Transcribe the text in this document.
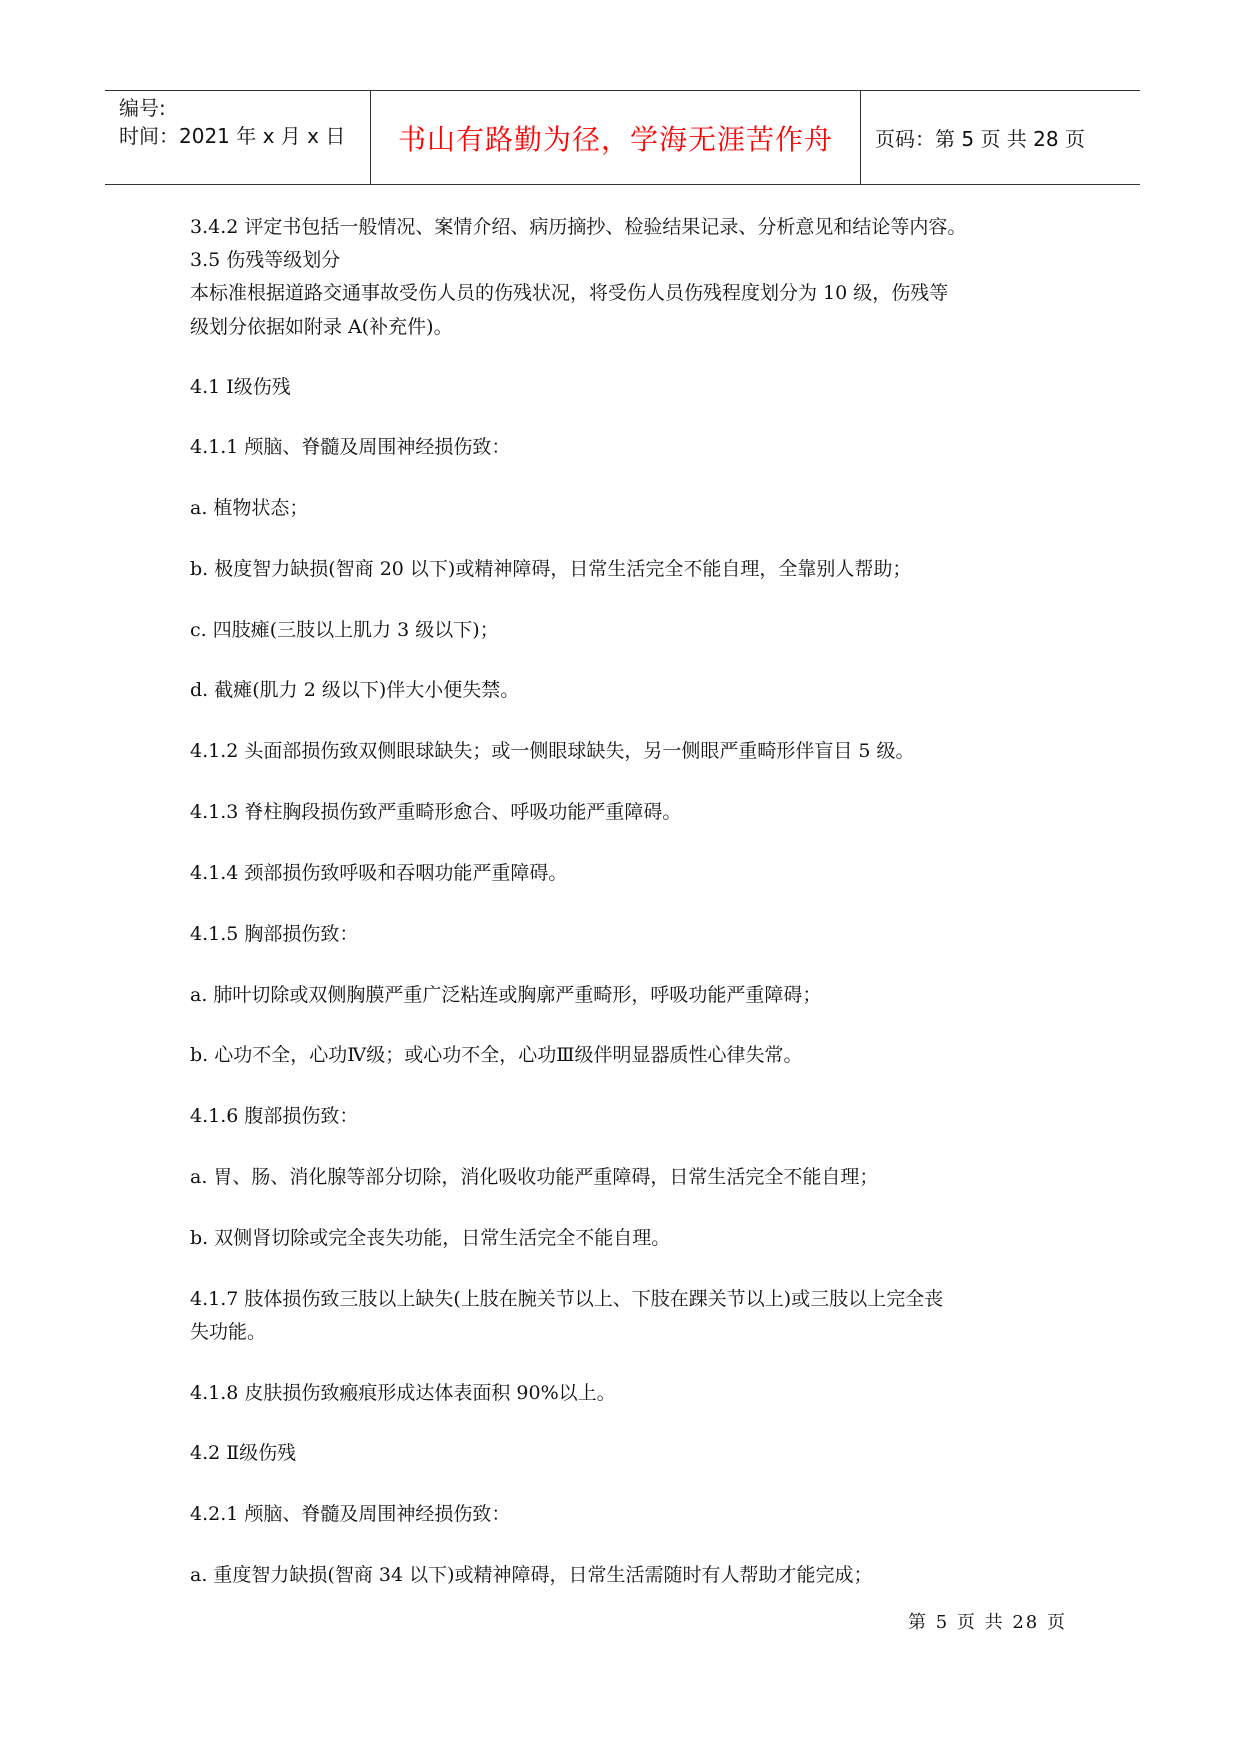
编号:
时间：2021 年 x 月 x 日	书山有路勤为径，学海无涯苦作舟	页码：第 5 页 共 28 页
3.4.2 评定书包括一般情况、案情介绍、病历摘抄、检验结果记录、分析意见和结论等内容。
3.5 伤残等级划分
本标准根据道路交通事故受伤人员的伤残状况，将受伤人员伤残程度划分为 10 级，伤残等
级划分依据如附录 A(补充件)。
4.1 Ⅰ级伤残
4.1.1 颅脑、脊髓及周围神经损伤致：
a. 植物状态；
b. 极度智力缺损(智商 20 以下)或精神障碍，日常生活完全不能自理，全靠别人帮助；
c. 四肢瘫(三肢以上肌力 3 级以下)；
d. 截瘫(肌力 2 级以下)伴大小便失禁。
4.1.2 头面部损伤致双侧眼球缺失；或一侧眼球缺失，另一侧眼严重畸形伴盲目 5 级。
4.1.3 脊柱胸段损伤致严重畸形愈合、呼吸功能严重障碍。
4.1.4 颈部损伤致呼吸和吞咽功能严重障碍。
4.1.5 胸部损伤致：
a. 肺叶切除或双侧胸膜严重广泛粘连或胸廓严重畸形，呼吸功能严重障碍；
b. 心功不全，心功Ⅳ级；或心功不全，心功Ⅲ级伴明显器质性心律失常。
4.1.6 腹部损伤致：
a. 胃、肠、消化腺等部分切除，消化吸收功能严重障碍，日常生活完全不能自理；
b. 双侧肾切除或完全丧失功能，日常生活完全不能自理。
4.1.7 肢体损伤致三肢以上缺失(上肢在腕关节以上、下肢在踝关节以上)或三肢以上完全丧
失功能。
4.1.8 皮肤损伤致瘢痕形成达体表面积 90%以上。
4.2 Ⅱ级伤残
4.2.1 颅脑、脊髓及周围神经损伤致：
a. 重度智力缺损(智商 34 以下)或精神障碍，日常生活需随时有人帮助才能完成；
第 5 页 共 28 页
